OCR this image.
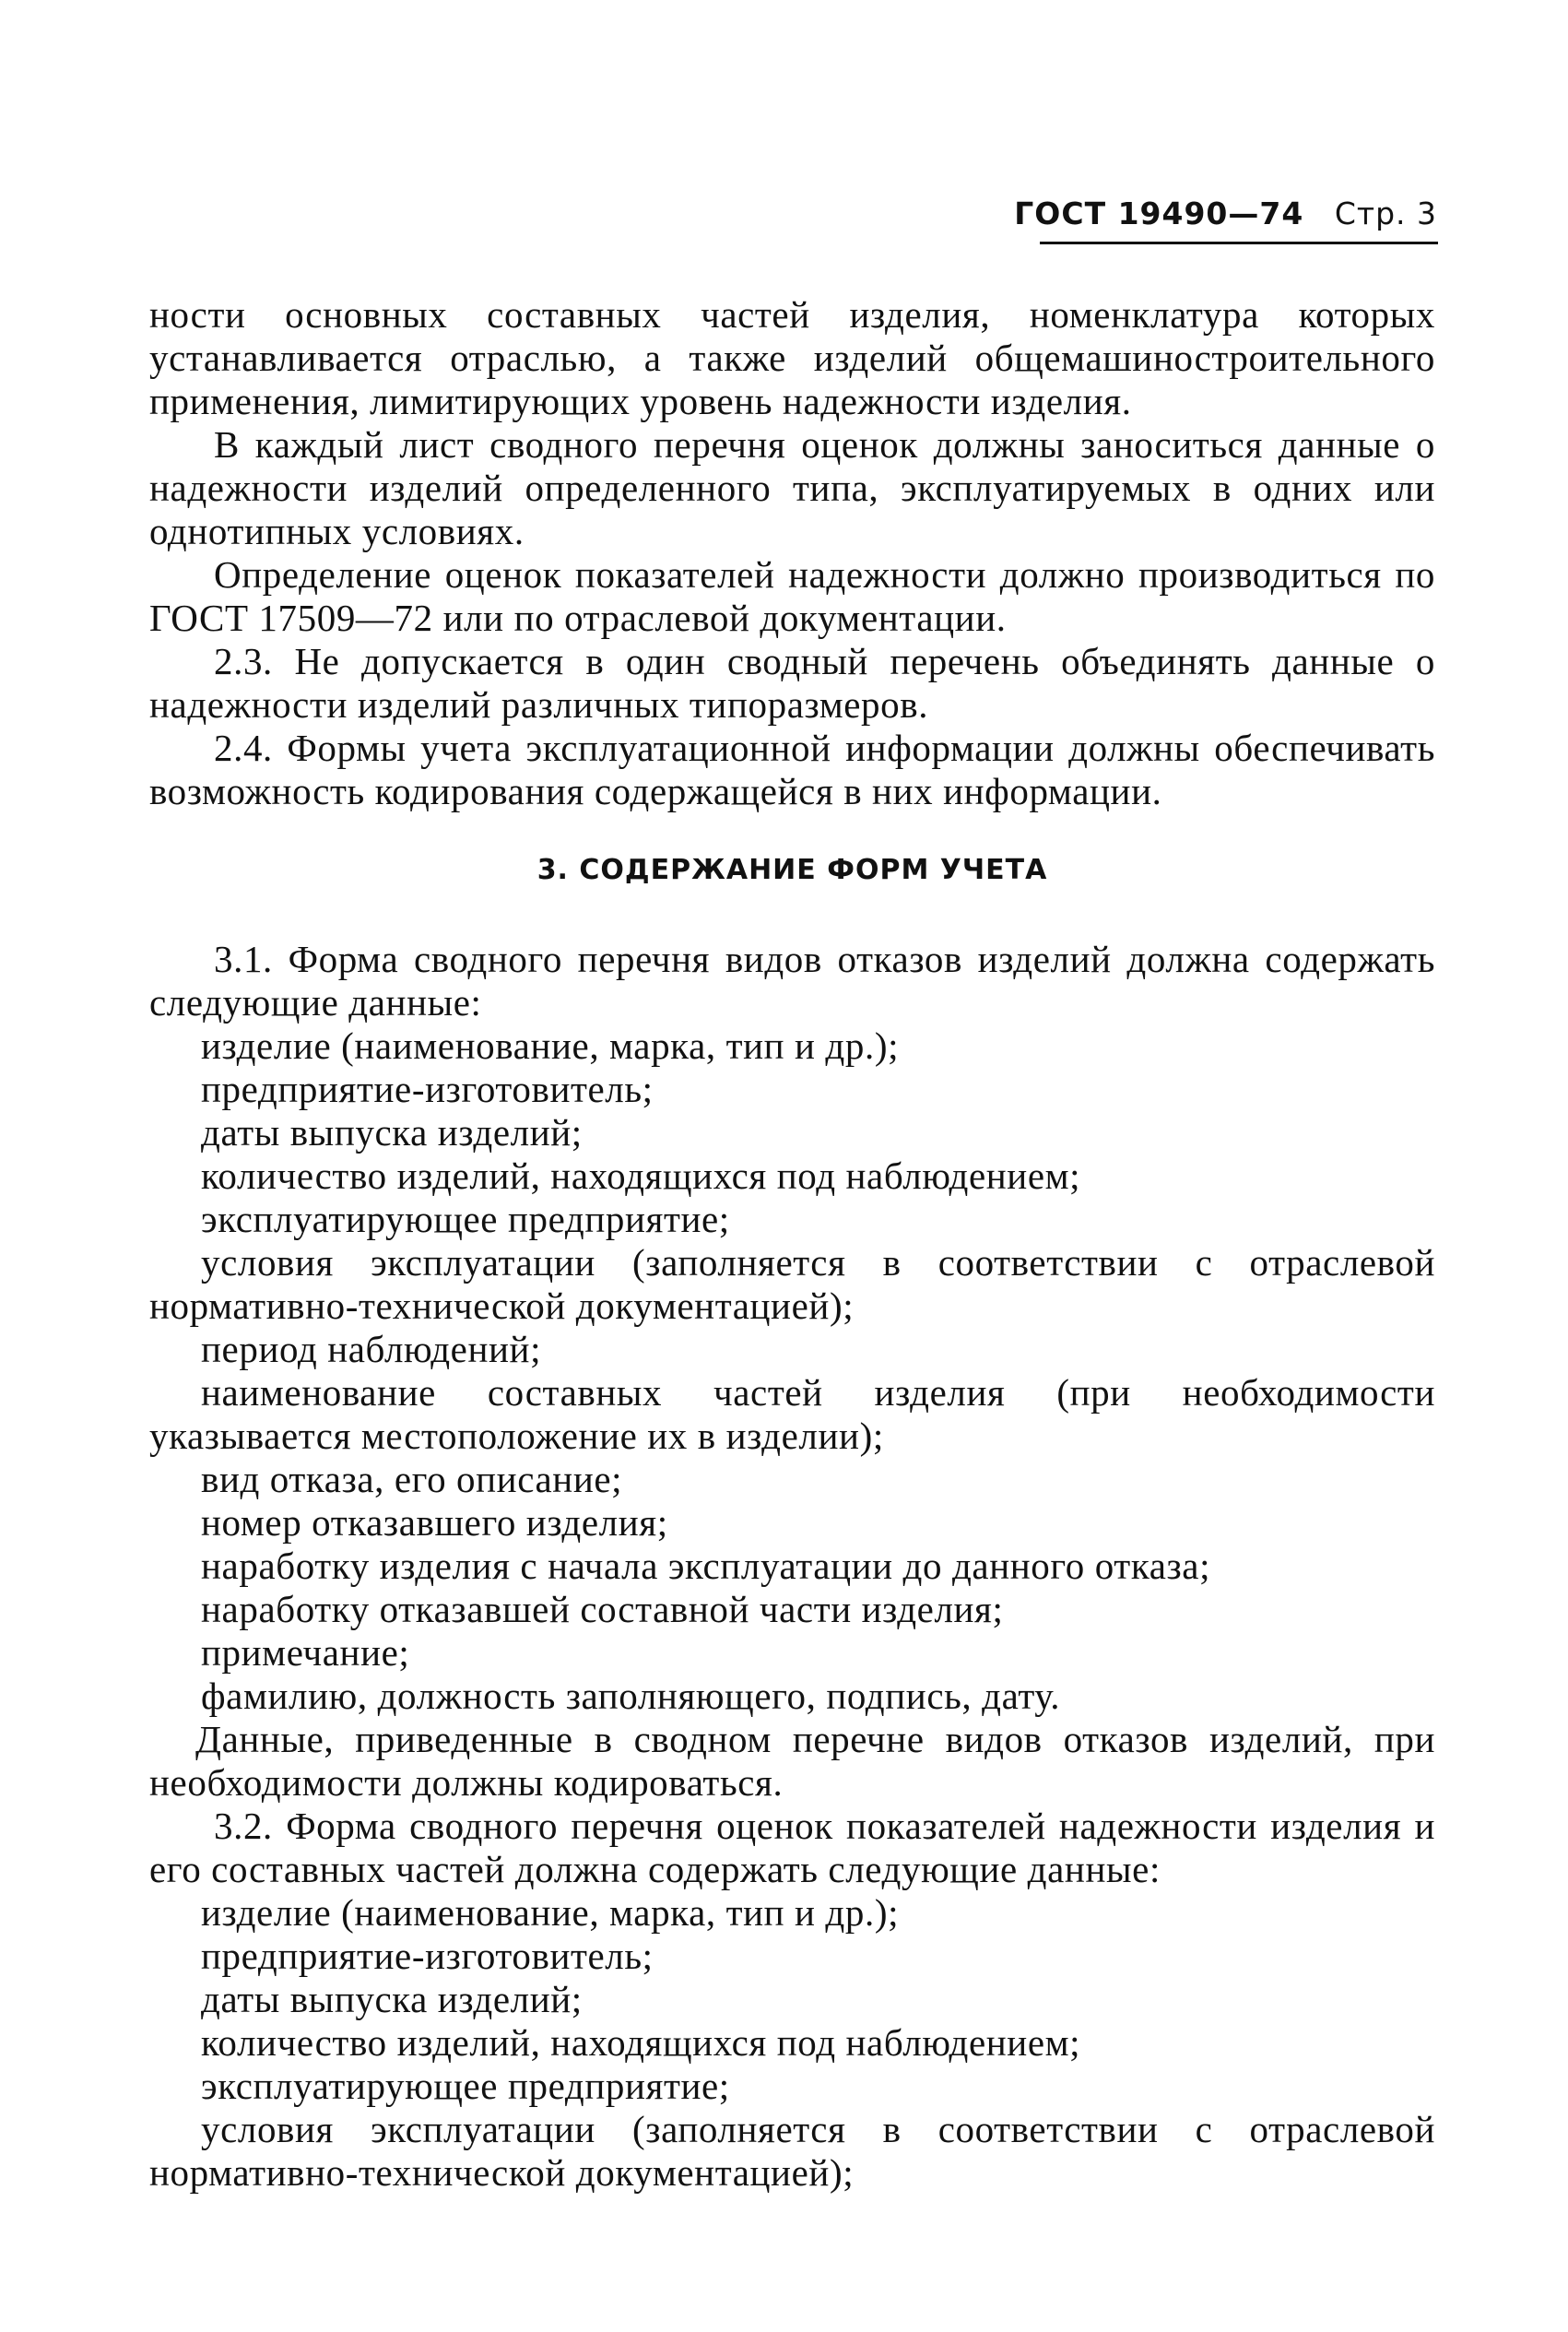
ГОСТ 19490—74 Стр. 3

ности основных составных частей изделия, номенклатура которых устанавливается отраслью, а также изделий общемашиностроительного применения, лимитирующих уровень надежности изделия.

В каждый лист сводного перечня оценок должны заноситься данные о надежности изделий определенного типа, эксплуатируемых в одних или однотипных условиях.

Определение оценок показателей надежности должно производиться по ГОСТ 17509—72 или по отраслевой документации.

2.3. Не допускается в один сводный перечень объединять данные о надежности изделий различных типоразмеров.

2.4. Формы учета эксплуатационной информации должны обеспечивать возможность кодирования содержащейся в них информации.

3. СОДЕРЖАНИЕ ФОРМ УЧЕТА

3.1. Форма сводного перечня видов отказов изделий должна содержать следующие данные:

изделие (наименование, марка, тип и др.);

предприятие-изготовитель;

даты выпуска изделий;

количество изделий, находящихся под наблюдением;

эксплуатирующее предприятие;

условия эксплуатации (заполняется в соответствии с отраслевой нормативно-технической документацией);

период наблюдений;

наименование составных частей изделия (при необходимости указывается местоположение их в изделии);

вид отказа, его описание;

номер отказавшего изделия;

наработку изделия с начала эксплуатации до данного отказа;

наработку отказавшей составной части изделия;

примечание;

фамилию, должность заполняющего, подпись, дату.

Данные, приведенные в сводном перечне видов отказов изделий, при необходимости должны кодироваться.

3.2. Форма сводного перечня оценок показателей надежности изделия и его составных частей должна содержать следующие данные:

изделие (наименование, марка, тип и др.);

предприятие-изготовитель;

даты выпуска изделий;

количество изделий, находящихся под наблюдением;

эксплуатирующее предприятие;

условия эксплуатации (заполняется в соответствии с отраслевой нормативно-технической документацией);
